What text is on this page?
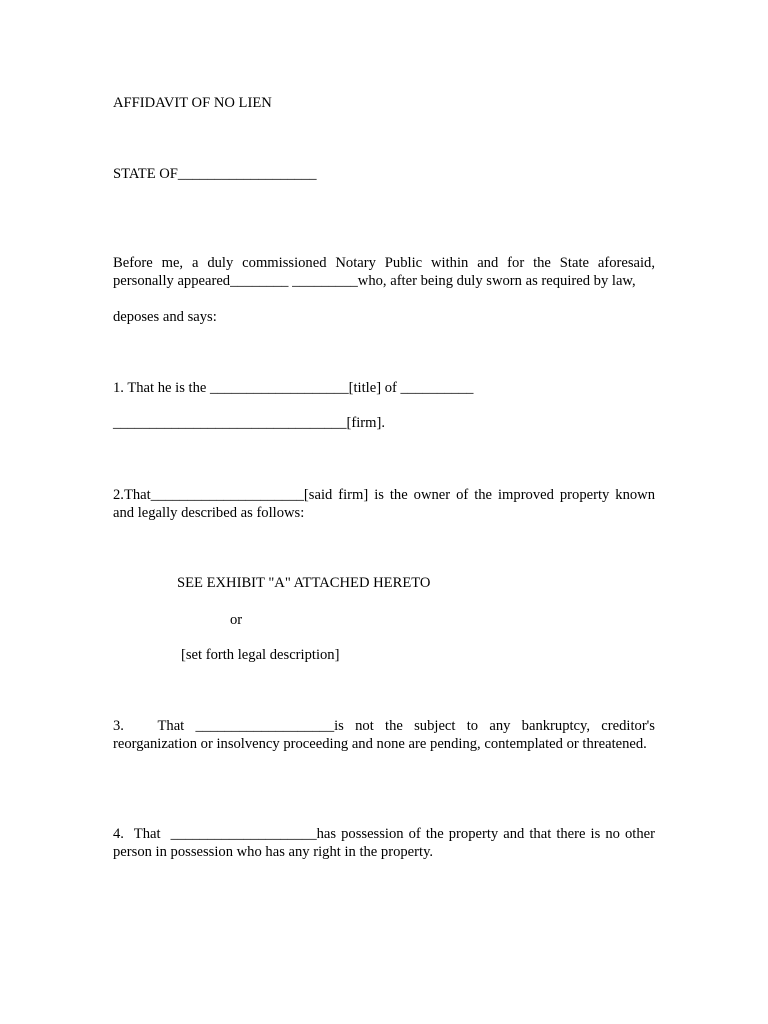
AFFIDAVIT OF NO LIEN
STATE OF___________________
Before me, a duly commissioned Notary Public within and for the State aforesaid, personally appeared________ _________who, after being duly sworn as required by law,
deposes and says:
1. That he is the ___________________[title] of __________
________________________________[firm].
2.That_____________________[said firm] is the owner of the improved property known and legally described as follows:
SEE EXHIBIT "A" ATTACHED HERETO
or
[set forth legal description]
3.   That ___________________is not the subject to any bankruptcy, creditor's reorganization or insolvency proceeding and none are pending, contemplated or threatened.
4.  That  ____________________has possession of the property and that there is no other person in possession who has any right in the property.
